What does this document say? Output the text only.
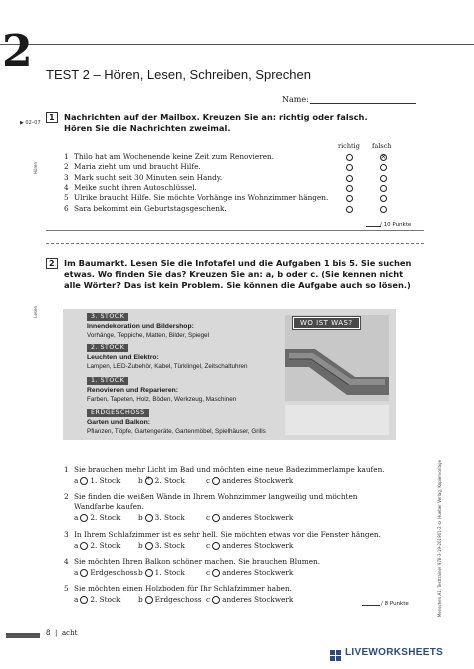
2 TEST 2 – Hören, Lesen, Schreiben, Sprechen
Name:
▶ 02–07
1
Hören
Nachrichten auf der Mailbox. Kreuzen Sie an: richtig oder falsch.
Hören Sie die Nachrichten zweimal.
richtig falsch
1 Thilo hat am Wochenende keine Zeit zum Renovieren.
✕
2 Maria zieht um und braucht Hilfe.
3 Mark sucht seit 30 Minuten sein Handy.
4 Meike sucht ihren Autoschlüssel.
5 Ulrike braucht Hilfe. Sie möchte Vorhänge ins Wohnzimmer hängen.
6 Sara bekommt ein Geburtstagsgeschenk.
/ 10 Punkte
2
Lesen
Im Baumarkt. Lesen Sie die Infotafel und die Aufgaben 1 bis 5. Sie suchen
etwas. Wo finden Sie das? Kreuzen Sie an: a, b oder c. (Sie kennen nicht
alle Wörter? Das ist kein Problem. Sie können die Aufgabe auch so lösen.)
WO IST WAS?
3. STOCK
Innendekoration und Bildershop:
Vorhänge, Teppiche, Matten, Bilder, Spiegel
2. STOCK
Leuchten und Elektro:
Lampen, LED-Zubehör, Kabel, Türklingel, Zeitschaltuhren
1. STOCK
Renovieren und Reparieren:
Farben, Tapeten, Holz, Böden, Werkzeug, Maschinen
ERDGESCHOSS
Garten und Balkon:
Pflanzen, Töpfe, Gartengeräte, Gartenmöbel, Spielhäuser, Grills
1 Sie brauchen mehr Licht im Bad und möchten eine neue Badezimmerlampe kaufen.
a 1. Stock b✕ 2. Stock	c anderes Stockwerk
2 Sie finden die weißen Wände in Ihrem Wohnzimmer langweilig und möchten
Wandfarbe kaufen.
a 2. Stock b 3. Stock	c anderes Stockwerk
3 In Ihrem Schlafzimmer ist es sehr hell. Sie möchten etwas vor die Fenster hängen.
a 2. Stock b 3. Stock	c anderes Stockwerk
4 Sie möchten Ihren Balkon schöner machen. Sie brauchen Blumen.
a Erdgeschoss b 1. Stock	c anderes Stockwerk
5 Sie möchten einen Holzboden für Ihr Schlafzimmer haben.
a 2. Stock b Erdgeschoss c anderes Stockwerk	/ 8 Punkte	Menschen A1, Testtrainer 978-3-19-201901-2 © Hueber Verlag, Kopiervorlage
8 | acht
LIVEWORKSHEETS
